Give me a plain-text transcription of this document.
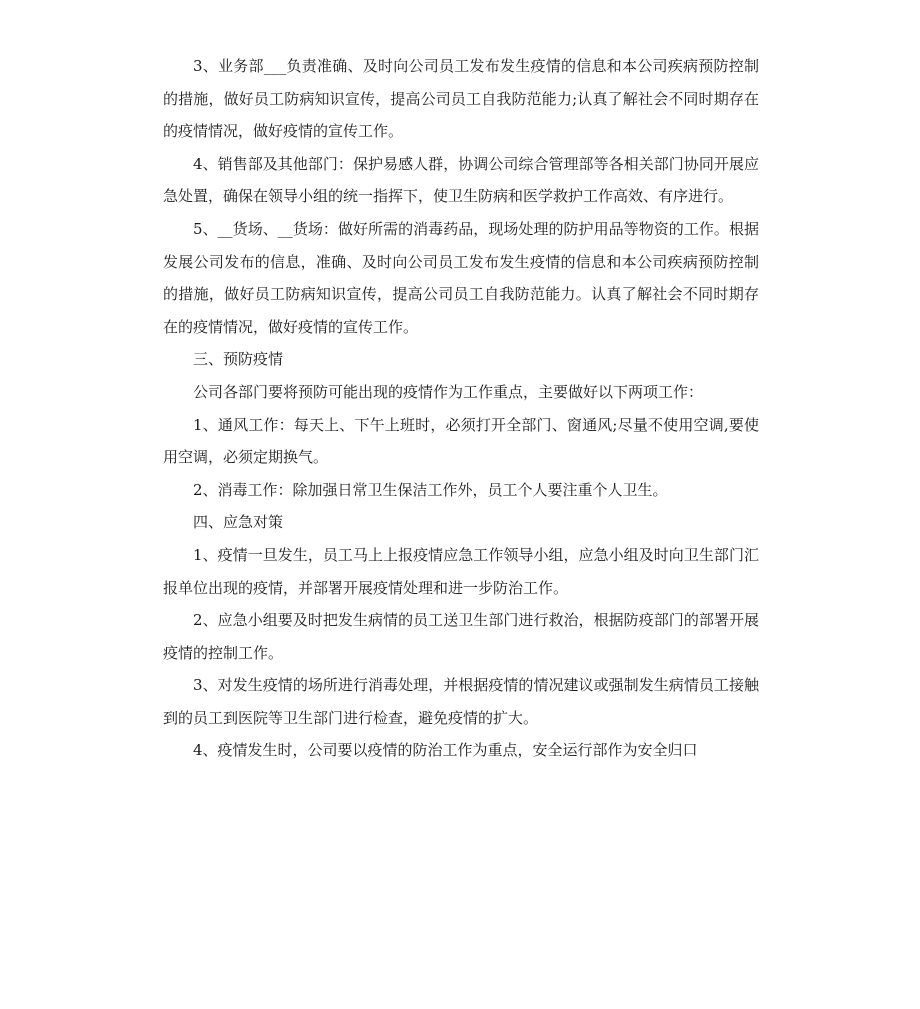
3、业务部___负责准确、及时向公司员工发布发生疫情的信息和本公司疾病预防控制的措施，做好员工防病知识宣传，提高公司员工自我防范能力;认真了解社会不同时期存在的疫情情况，做好疫情的宣传工作。

4、销售部及其他部门：保护易感人群，协调公司综合管理部等各相关部门协同开展应急处置，确保在领导小组的统一指挥下，使卫生防病和医学救护工作高效、有序进行。

5、__货场、__货场：做好所需的消毒药品，现场处理的防护用品等物资的工作。根据发展公司发布的信息，准确、及时向公司员工发布发生疫情的信息和本公司疾病预防控制的措施，做好员工防病知识宣传，提高公司员工自我防范能力。认真了解社会不同时期存在的疫情情况，做好疫情的宣传工作。

三、预防疫情

公司各部门要将预防可能出现的疫情作为工作重点，主要做好以下两项工作：

1、通风工作：每天上、下午上班时，必须打开全部门、窗通风;尽量不使用空调,要使用空调，必须定期换气。

2、消毒工作：除加强日常卫生保洁工作外，员工个人要注重个人卫生。

四、应急对策

1、疫情一旦发生，员工马上上报疫情应急工作领导小组，应急小组及时向卫生部门汇报单位出现的疫情，并部署开展疫情处理和进一步防治工作。

2、应急小组要及时把发生病情的员工送卫生部门进行救治，根据防疫部门的部署开展疫情的控制工作。

3、对发生疫情的场所进行消毒处理，并根据疫情的情况建议或强制发生病情员工接触到的员工到医院等卫生部门进行检查，避免疫情的扩大。

4、疫情发生时，公司要以疫情的防治工作为重点，安全运行部作为安全归口
